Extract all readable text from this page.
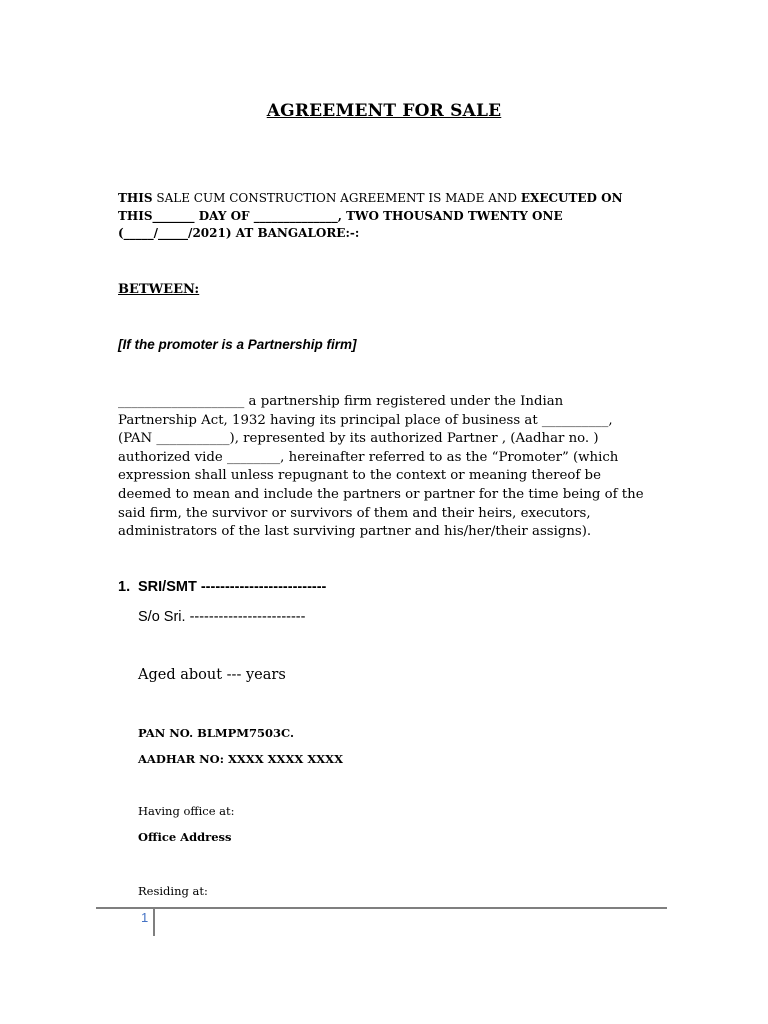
AGREEMENT FOR SALE

THIS SALE CUM CONSTRUCTION AGREEMENT IS MADE AND EXECUTED ON
THIS_______ DAY OF ______________, TWO THOUSAND TWENTY ONE
(_____/_____/2021) AT BANGALORE:-:

BETWEEN:

[If the promoter is a Partnership firm]

___________________ a partnership firm registered under the Indian
Partnership Act, 1932 having its principal place of business at __________,
(PAN ___________), represented by its authorized Partner , (Aadhar no. )
authorized vide ________, hereinafter referred to as the “Promoter” (which
expression shall unless repugnant to the context or meaning thereof be
deemed to mean and include the partners or partner for the time being of the
said firm, the survivor or survivors of them and their heirs, executors,
administrators of the last surviving partner and his/her/their assigns).

1. SRI/SMT --------------------------

S/o Sri. ------------------------

Aged about --- years

PAN NO. BLMPM7503C.

AADHAR NO: XXXX XXXX XXXX

Having office at:

Office Address

Residing at:

1
